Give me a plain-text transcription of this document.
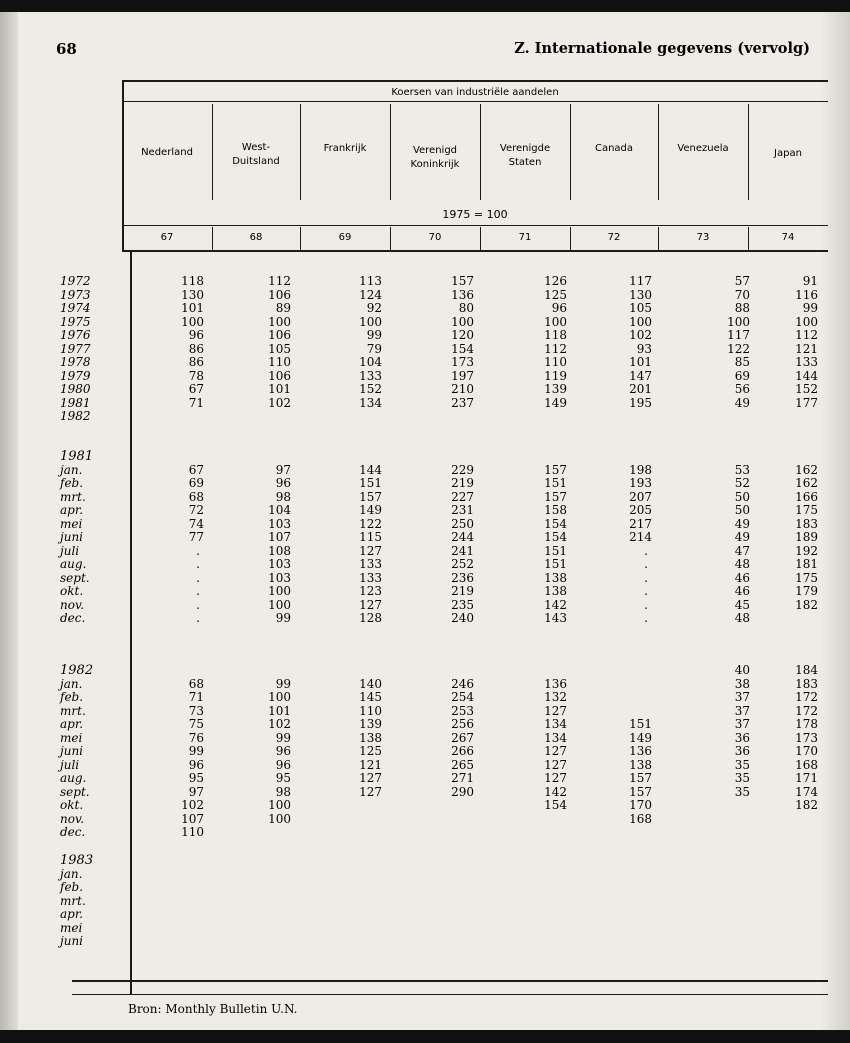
68	Z. Internationale gegevens (vervolg)
Bron: Monthly Bulletin U.N.
Koersen van industriële aandelen
1975 = 100
Nederland
67
West-
Duitsland
68
Frankrijk
69
Verenigd
Koninkrijk
70
Verenigde
Staten
71
Canada
72
Venezuela
73
Japan
74
1972
1973
1974
1975
1976
1977
1978
1979
1980
1981
1982
118
130
101
100
96
86
86
78
67
71
112
106
89
100
106
105
110
106
101
102
113
124
92
100
99
79
104
133
152
134
157
136
80
100
120
154
173
197
210
237
126
125
96
100
118
112
110
119
139
149
117
130
105
100
102
93
101
147
201
195
57
70
88
100
117
122
85
69
56
49
91
116
99
100
112
121
133
144
152
177
1981
jan.
feb.
mrt.
apr.
mei
juni
juli
aug.
sept.
okt.
nov.
dec.
67
69
68
72
74
77
.
.
.
.
.
.
97
96
98
104
103
107
108
103
103
100
100
99
144
151
157
149
122
115
127
133
133
123
127
128
229
219
227
231
250
244
241
252
236
219
235
240
157
151
157
158
154
154
151
151
138
138
142
143
198
193
207
205
217
214
.
.
.
.
.
.
53
52
50
50
49
49
47
48
46
46
45
48
162
162
166
175
183
189
192
181
175
179
182
1982
jan.
feb.
mrt.
apr.
mei
juni
juli
aug.
sept.
okt.
nov.
dec.
68
71
73
75
76
99
96
95
97
102
107
110
99
100
101
102
99
96
96
95
98
100
100
140
145
110
139
138
125
121
127
127
246
254
253
256
267
266
265
271
290
136
132
127
134
134
127
127
127
142
154
151
149
136
138
157
157
170
168
40
38
37
37
37
36
36
35
35
35
184
183
172
172
178
173
170
168
171
174
182
1983
jan.
feb.
mrt.
apr.
mei
juni
